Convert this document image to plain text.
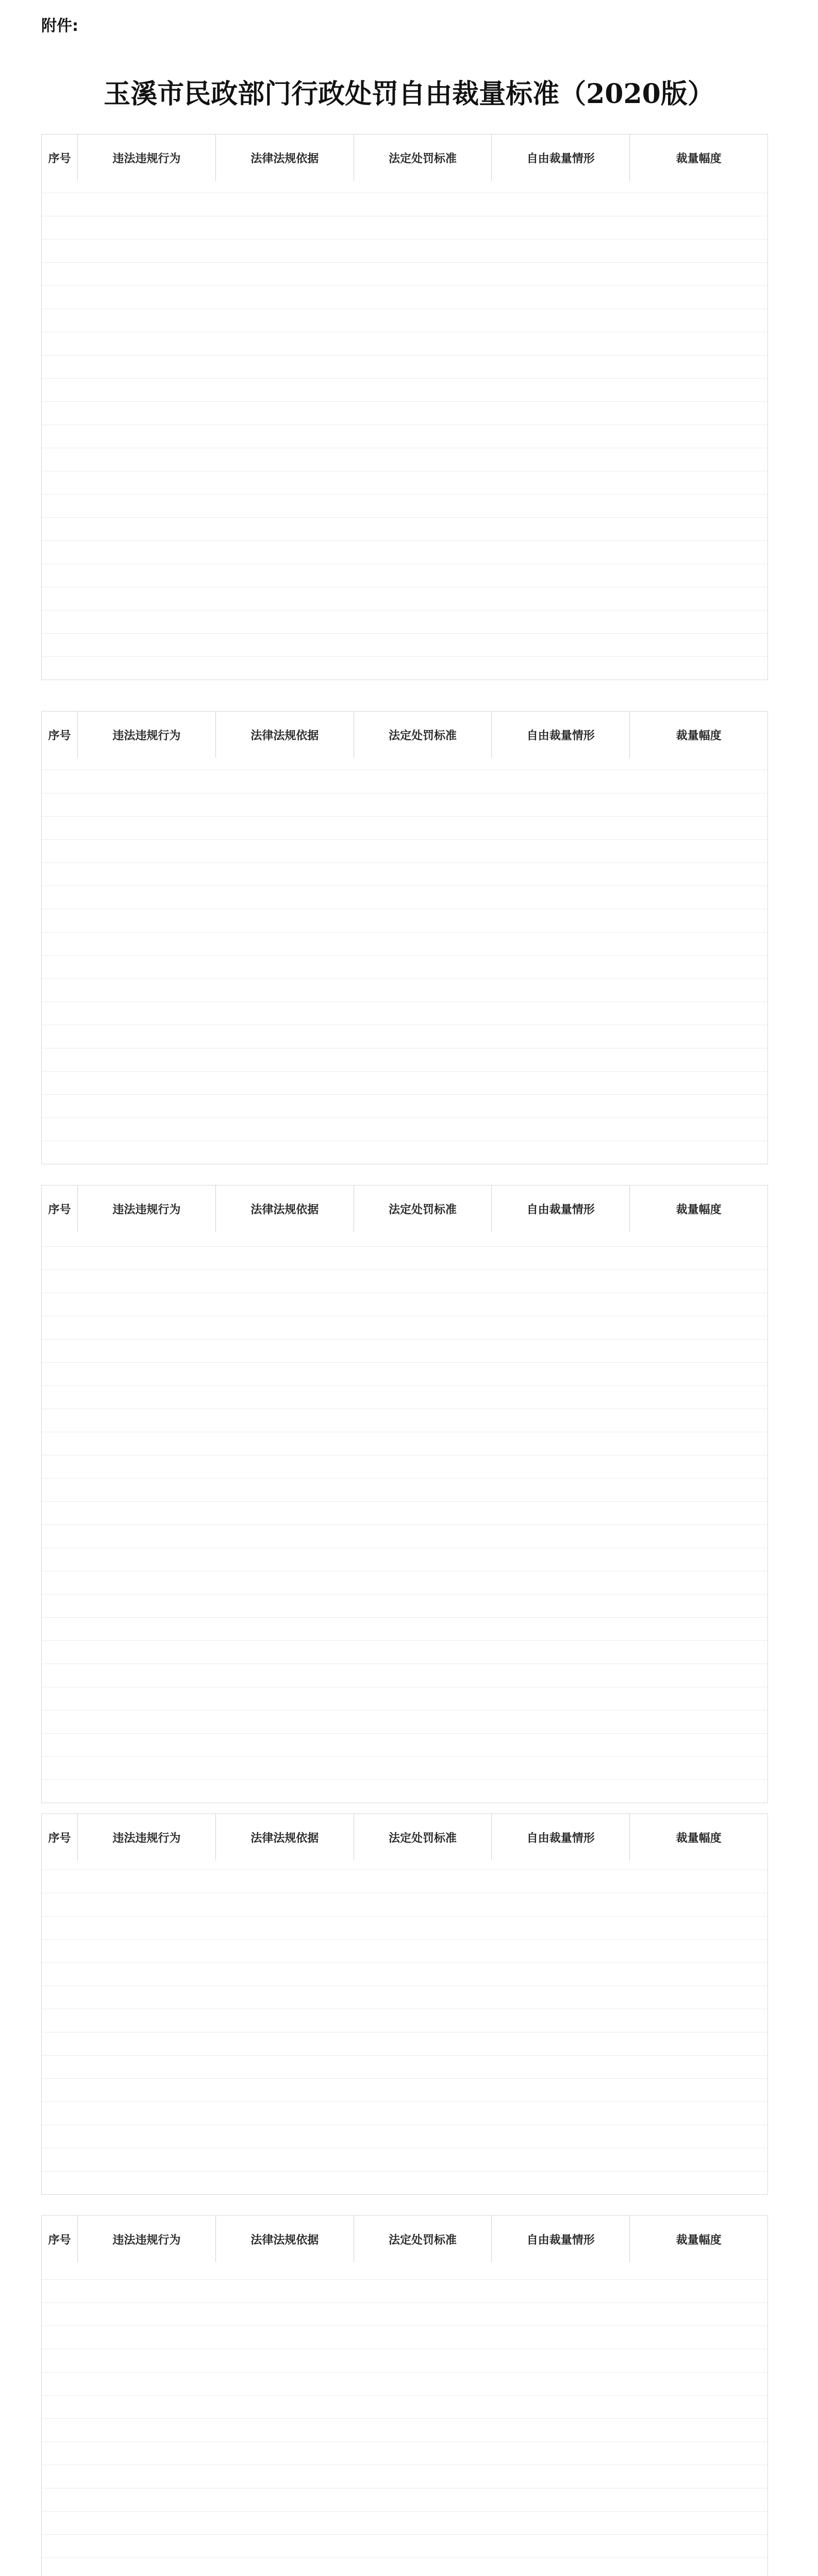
附件:
玉溪市民政部门行政处罚自由裁量标准（2020版）
序号	违法违规行为	法律法规依据	法定处罚标准	自由裁量情形	裁量幅度
序号	违法违规行为	法律法规依据	法定处罚标准	自由裁量情形	裁量幅度
序号	违法违规行为	法律法规依据	法定处罚标准	自由裁量情形	裁量幅度
序号	违法违规行为	法律法规依据	法定处罚标准	自由裁量情形	裁量幅度
序号	违法违规行为	法律法规依据	法定处罚标准	自由裁量情形	裁量幅度
